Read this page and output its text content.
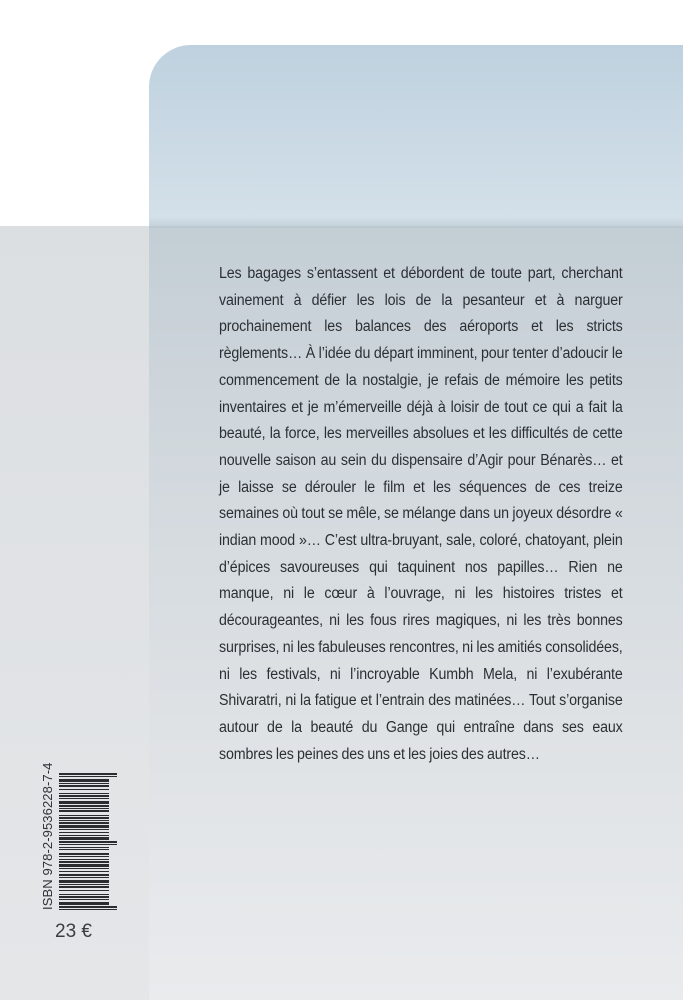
Les bagages s’entassent et débordent de toute part, cherchant vainement à défier les lois de la pesanteur et à narguer prochainement les balances des aéroports et les stricts règlements… À l’idée du départ imminent, pour tenter d’adoucir le commencement de la nostalgie, je refais de mémoire les petits inventaires et je m’émerveille déjà à loisir de tout ce qui a fait la beauté, la force, les merveilles absolues et les difficultés de cette nouvelle saison au sein du dispensaire d’Agir pour Bénarès… et je laisse se dérouler le film et les séquences de ces treize semaines où tout se mêle, se mélange dans un joyeux désordre « indian mood »… C’est ultra-bruyant, sale, coloré, chatoyant, plein d’épices savoureuses qui taquinent nos papilles… Rien ne manque, ni le cœur à l’ouvrage, ni les histoires tristes et décourageantes, ni les fous rires magiques, ni les très bonnes surprises, ni les fabuleuses rencontres, ni les amitiés consolidées, ni les festivals, ni l’incroyable Kumbh Mela, ni l’exubérante Shivaratri, ni la fatigue et l’entrain des matinées… Tout s’organise autour de la beauté du Gange qui entraîne dans ses eaux sombres les peines des uns et les joies des autres…

ISBN 978-2-9536228-7-4
23 €
